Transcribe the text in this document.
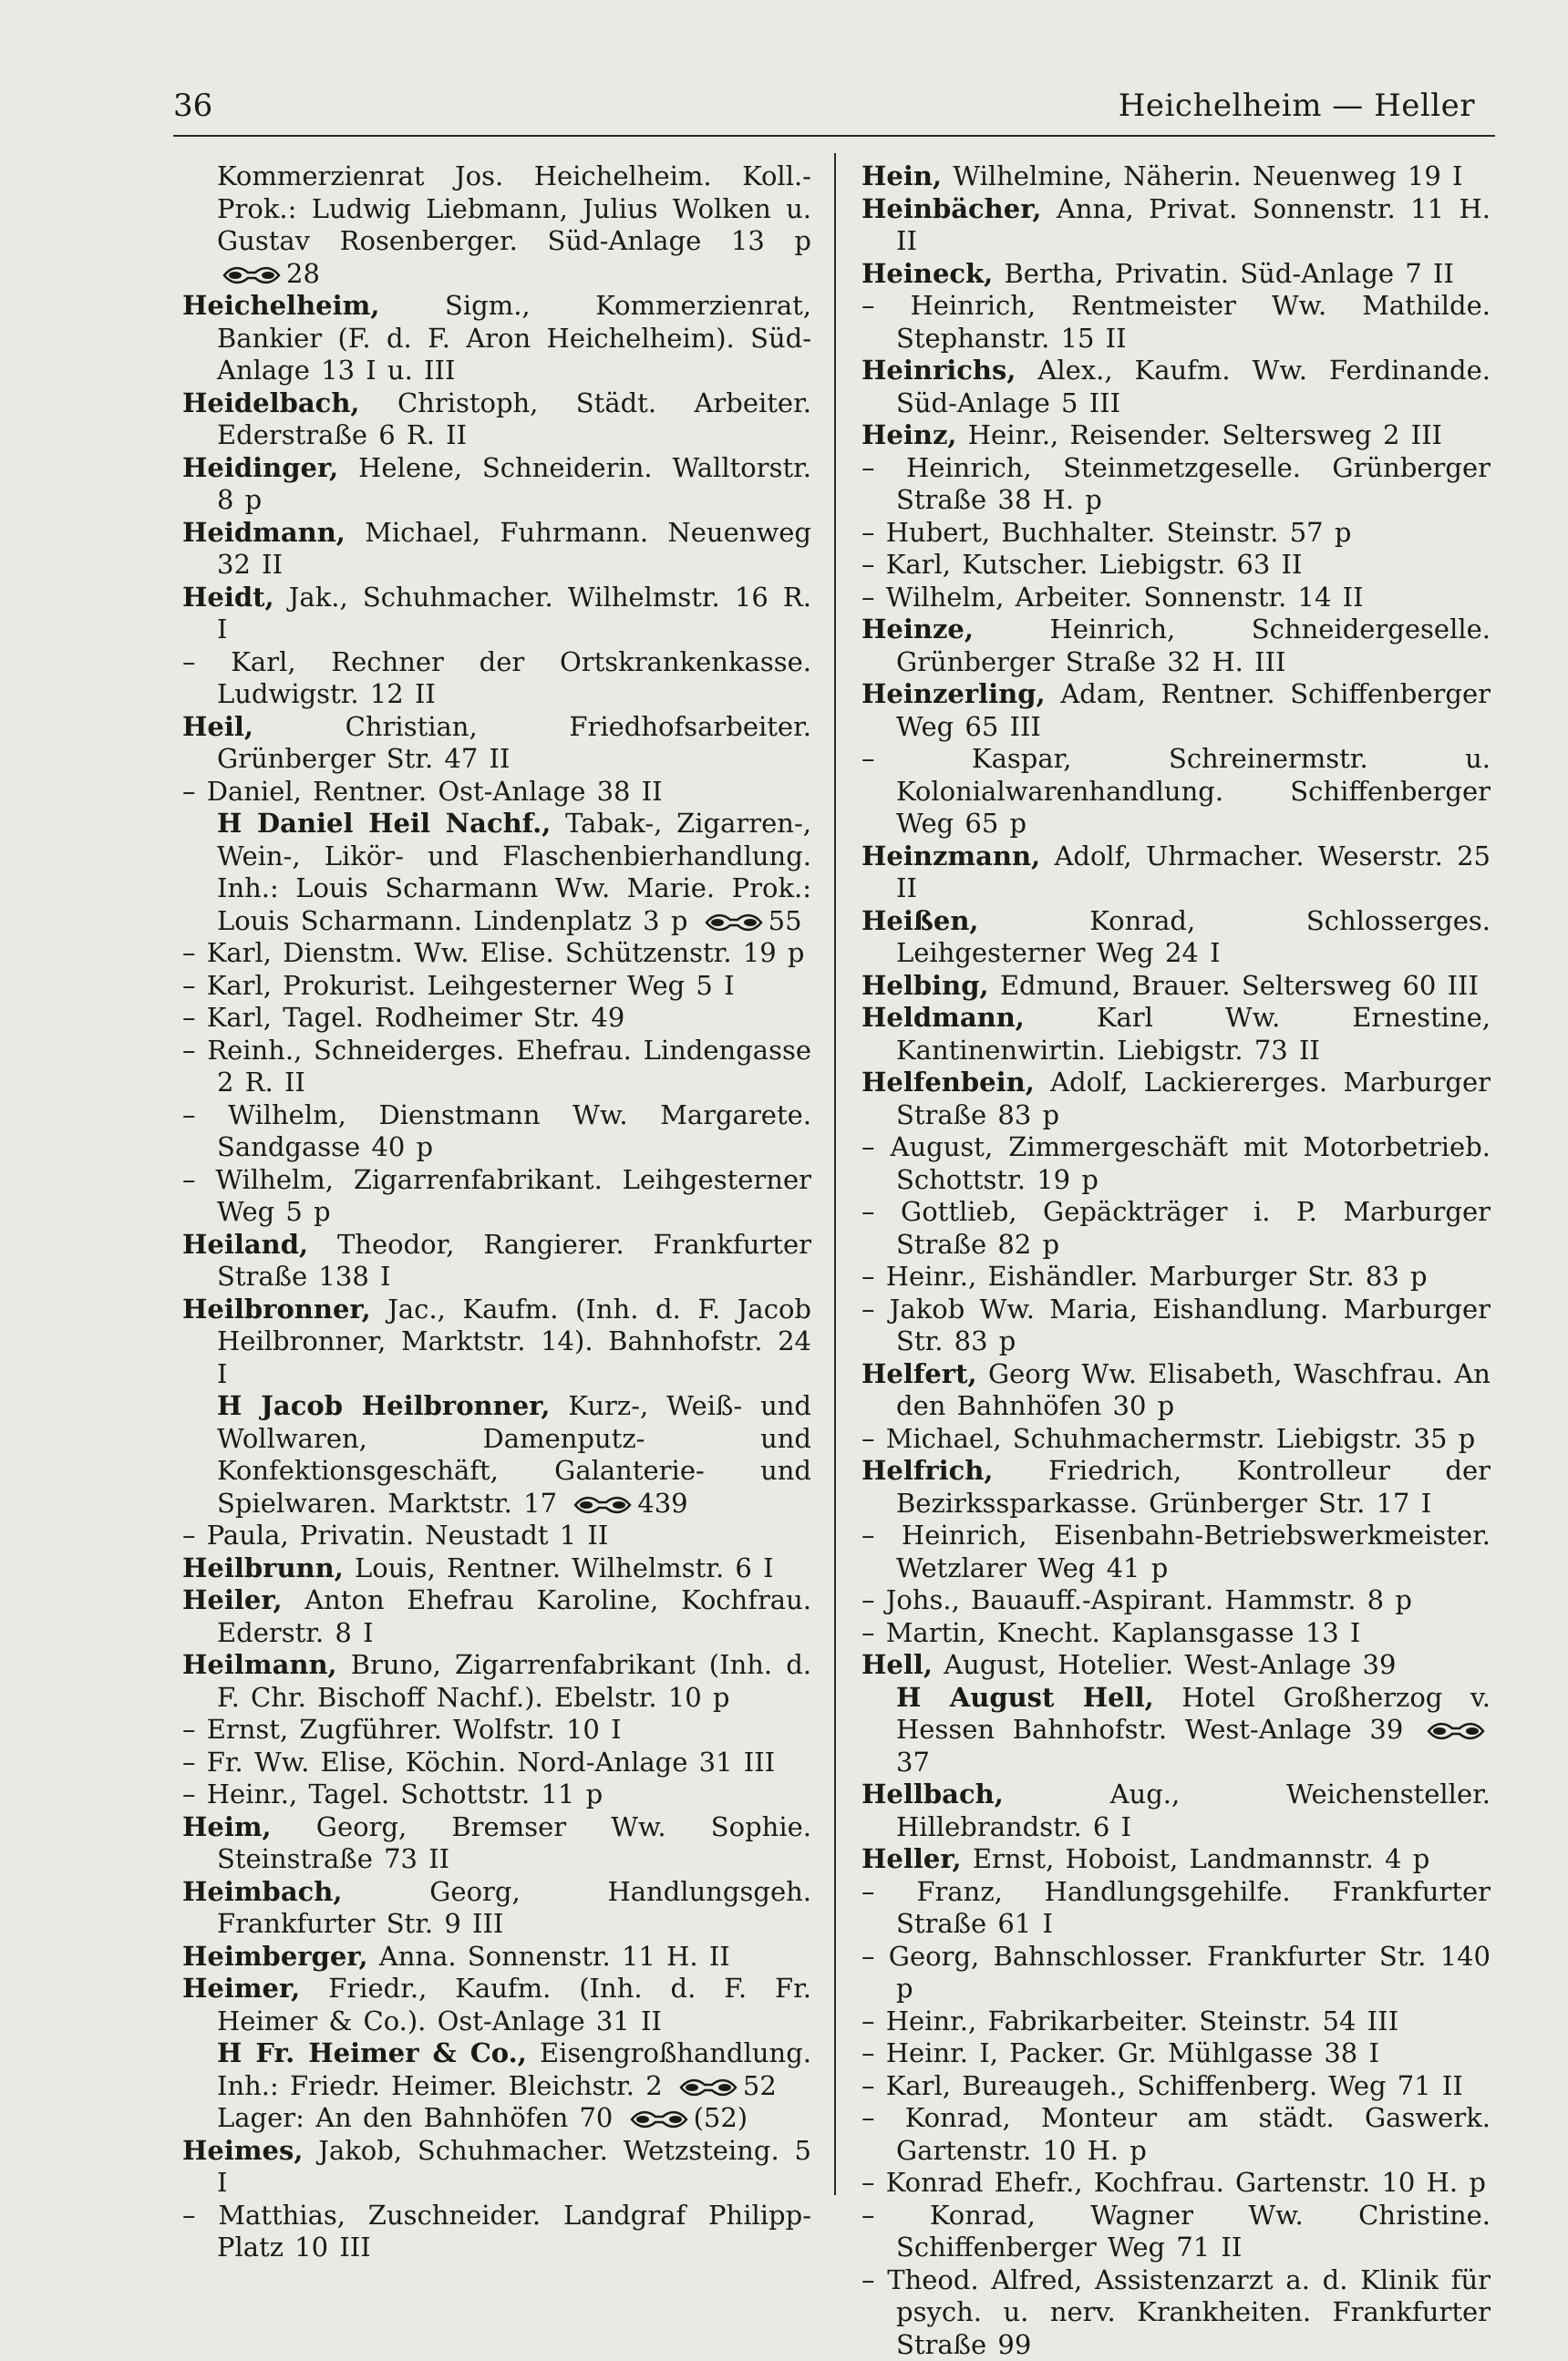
36	Heichelheim — Heller
Kommerzienrat Jos. Heichelheim. Koll.-Prok.: Ludwig Liebmann, Julius Wolken u. Gustav Rosenberger. Süd-Anlage 13 p
28
Heichelheim, Sigm., Kommerzienrat, Bankier (F. d. F. Aron Heichelheim). Süd-Anlage 13 I u. III
Heidelbach, Christoph, Städt. Arbeiter. Ederstraße 6 R. II
Heidinger, Helene, Schneiderin. Walltorstr. 8 p
Heidmann, Michael, Fuhrmann. Neuenweg 32 II
Heidt, Jak., Schuhmacher. Wilhelmstr. 16 R. I
– Karl, Rechner der Ortskrankenkasse. Ludwigstr. 12 II
Heil, Christian, Friedhofsarbeiter. Grünberger Str. 47 II
– Daniel, Rentner. Ost-Anlage 38 II
H Daniel Heil Nachf., Tabak-, Zigarren-, Wein-, Likör- und Flaschenbierhandlung. Inh.: Louis Scharmann Ww. Marie. Prok.: Louis Scharmann. Lindenplatz 3 p	55
– Karl, Dienstm. Ww. Elise. Schützenstr. 19 p
– Karl, Prokurist. Leihgesterner Weg 5 I
– Karl, Tagel. Rodheimer Str. 49
– Reinh., Schneiderges. Ehefrau. Lindengasse 2 R. II
– Wilhelm, Dienstmann Ww. Margarete. Sandgasse 40 p
– Wilhelm, Zigarrenfabrikant. Leihgesterner Weg 5 p
Heiland, Theodor, Rangierer. Frankfurter Straße 138 I
Heilbronner, Jac., Kaufm. (Inh. d. F. Jacob Heilbronner, Marktstr. 14). Bahnhofstr. 24 I
H Jacob Heilbronner, Kurz-, Weiß- und Wollwaren, Damenputz- und Konfektionsgeschäft, Galanterie- und Spielwaren. Marktstr. 17	439
– Paula, Privatin. Neustadt 1 II
Heilbrunn, Louis, Rentner. Wilhelmstr. 6 I
Heiler, Anton Ehefrau Karoline, Kochfrau. Ederstr. 8 I
Heilmann, Bruno, Zigarrenfabrikant (Inh. d. F. Chr. Bischoff Nachf.). Ebelstr. 10 p
– Ernst, Zugführer. Wolfstr. 10 I
– Fr. Ww. Elise, Köchin. Nord-Anlage 31 III
– Heinr., Tagel. Schottstr. 11 p
Heim, Georg, Bremser Ww. Sophie. Steinstraße 73 II
Heimbach, Georg, Handlungsgeh. Frankfurter Str. 9 III
Heimberger, Anna. Sonnenstr. 11 H. II
Heimer, Friedr., Kaufm. (Inh. d. F. Fr. Heimer & Co.). Ost-Anlage 31 II
H Fr. Heimer & Co., Eisengroßhandlung. Inh.: Friedr. Heimer. Bleichstr. 2	52
Lager: An den Bahnhöfen 70	(52)
Heimes, Jakob, Schuhmacher. Wetzsteing. 5 I
– Matthias, Zuschneider. Landgraf Philipp-Platz 10 III
Hein, Wilhelmine, Näherin. Neuenweg 19 I
Heinbächer, Anna, Privat. Sonnenstr. 11 H. II
Heineck, Bertha, Privatin. Süd-Anlage 7 II
– Heinrich, Rentmeister Ww. Mathilde. Stephanstr. 15 II
Heinrichs, Alex., Kaufm. Ww. Ferdinande. Süd-Anlage 5 III
Heinz, Heinr., Reisender. Seltersweg 2 III
– Heinrich, Steinmetzgeselle. Grünberger Straße 38 H. p
– Hubert, Buchhalter. Steinstr. 57 p
– Karl, Kutscher. Liebigstr. 63 II
– Wilhelm, Arbeiter. Sonnenstr. 14 II
Heinze, Heinrich, Schneidergeselle. Grünberger Straße 32 H. III
Heinzerling, Adam, Rentner. Schiffenberger Weg 65 III
– Kaspar, Schreinermstr. u. Kolonialwarenhandlung. Schiffenberger Weg 65 p
Heinzmann, Adolf, Uhrmacher. Weserstr. 25 II
Heißen, Konrad, Schlosserges. Leihgesterner Weg 24 I
Helbing, Edmund, Brauer. Seltersweg 60 III
Heldmann, Karl Ww. Ernestine, Kantinenwirtin. Liebigstr. 73 II
Helfenbein, Adolf, Lackiererges. Marburger Straße 83 p
– August, Zimmergeschäft mit Motorbetrieb. Schottstr. 19 p
– Gottlieb, Gepäckträger i. P. Marburger Straße 82 p
– Heinr., Eishändler. Marburger Str. 83 p
– Jakob Ww. Maria, Eishandlung. Marburger Str. 83 p
Helfert, Georg Ww. Elisabeth, Waschfrau. An den Bahnhöfen 30 p
– Michael, Schuhmachermstr. Liebigstr. 35 p
Helfrich, Friedrich, Kontrolleur der Bezirkssparkasse. Grünberger Str. 17 I
– Heinrich, Eisenbahn-Betriebswerkmeister. Wetzlarer Weg 41 p
– Johs., Bauauff.-Aspirant. Hammstr. 8 p
– Martin, Knecht. Kaplansgasse 13 I
Hell, August, Hotelier. West-Anlage 39
H August Hell, Hotel Großherzog v. Hessen Bahnhofstr. West-Anlage 39
37
Hellbach, Aug., Weichensteller. Hillebrandstr. 6 I
Heller, Ernst, Hoboist, Landmannstr. 4 p
– Franz, Handlungsgehilfe. Frankfurter Straße 61 I
– Georg, Bahnschlosser. Frankfurter Str. 140 p
– Heinr., Fabrikarbeiter. Steinstr. 54 III
– Heinr. I, Packer. Gr. Mühlgasse 38 I
– Karl, Bureaugeh., Schiffenberg. Weg 71 II
– Konrad, Monteur am städt. Gaswerk. Gartenstr. 10 H. p
– Konrad Ehefr., Kochfrau. Gartenstr. 10 H. p
– Konrad, Wagner Ww. Christine. Schiffenberger Weg 71 II
– Theod. Alfred, Assistenzarzt a. d. Klinik für psych. u. nerv. Krankheiten. Frankfurter Straße 99
